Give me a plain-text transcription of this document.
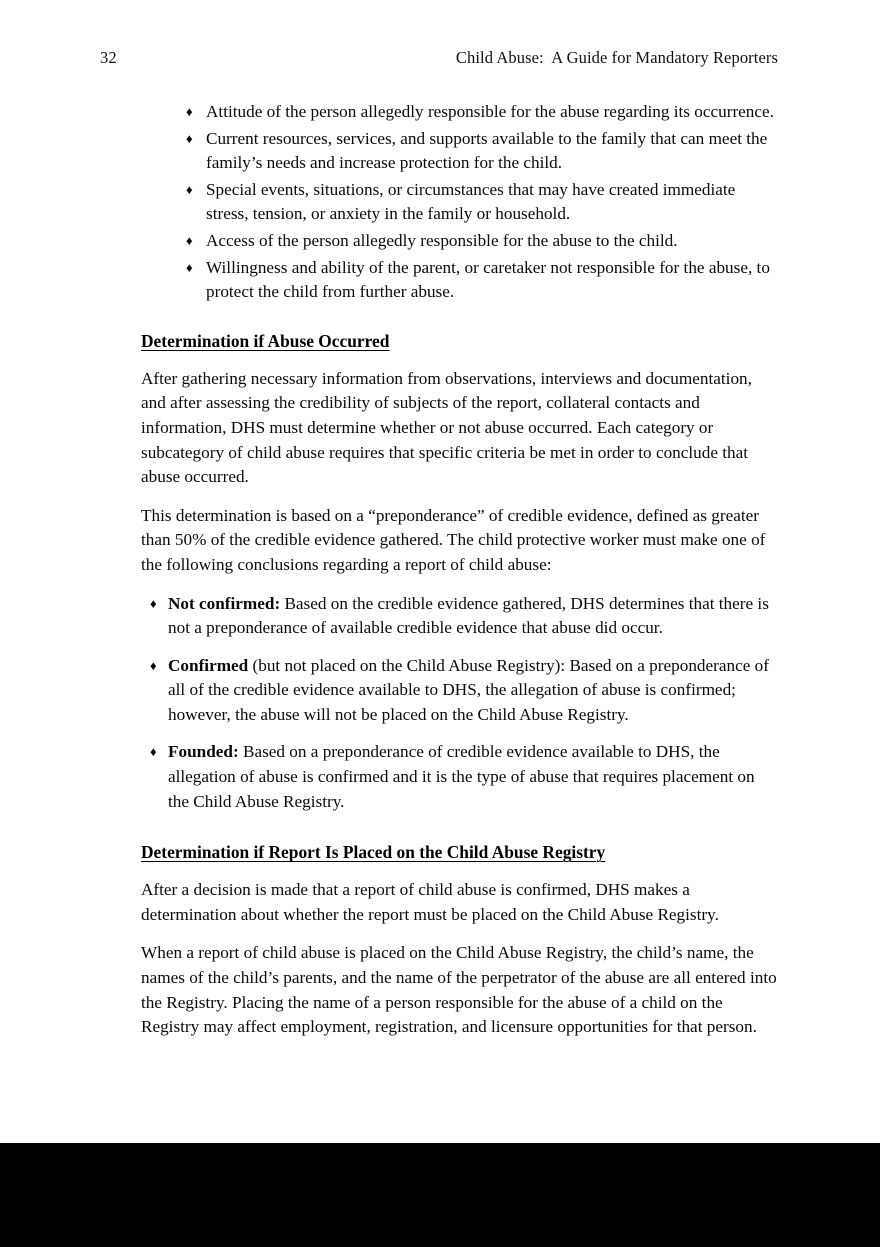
32	Child Abuse:  A Guide for Mandatory Reporters
♦ Attitude of the person allegedly responsible for the abuse regarding its occurrence.
♦ Current resources, services, and supports available to the family that can meet the family’s needs and increase protection for the child.
♦ Special events, situations, or circumstances that may have created immediate stress, tension, or anxiety in the family or household.
♦ Access of the person allegedly responsible for the abuse to the child.
♦ Willingness and ability of the parent, or caretaker not responsible for the abuse, to protect the child from further abuse.
Determination if Abuse Occurred

After gathering necessary information from observations, interviews and documentation, and after assessing the credibility of subjects of the report, collateral contacts and information, DHS must determine whether or not abuse occurred. Each category or subcategory of child abuse requires that specific criteria be met in order to conclude that abuse occurred.

This determination is based on a “preponderance” of credible evidence, defined as greater than 50% of the credible evidence gathered. The child protective worker must make one of the following conclusions regarding a report of child abuse:

♦ Not confirmed: Based on the credible evidence gathered, DHS determines that there is not a preponderance of available credible evidence that abuse did occur.
♦ Confirmed (but not placed on the Child Abuse Registry): Based on a preponderance of all of the credible evidence available to DHS, the allegation of abuse is confirmed; however, the abuse will not be placed on the Child Abuse Registry.
♦ Founded: Based on a preponderance of credible evidence available to DHS, the allegation of abuse is confirmed and it is the type of abuse that requires placement on the Child Abuse Registry.
Determination if Report Is Placed on the Child Abuse Registry

After a decision is made that a report of child abuse is confirmed, DHS makes a determination about whether the report must be placed on the Child Abuse Registry.

When a report of child abuse is placed on the Child Abuse Registry, the child’s name, the names of the child’s parents, and the name of the perpetrator of the abuse are all entered into the Registry. Placing the name of a person responsible for the abuse of a child on the Registry may affect employment, registration, and licensure opportunities for that person.
